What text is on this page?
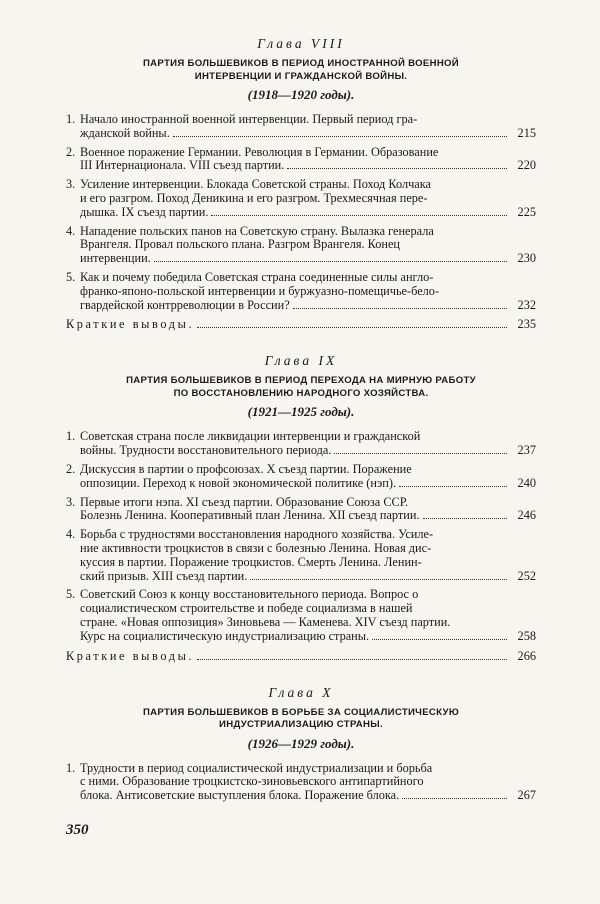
Глава VIII
ПАРТИЯ БОЛЬШЕВИКОВ В ПЕРИОД ИНОСТРАННОЙ ВОЕННОЙ
ИНТЕРВЕНЦИИ И ГРАЖДАНСКОЙ ВОЙНЫ.
(1918—1920 годы).
1. Начало иностранной военной интервенции. Первый период гра-
жданской войны.	215
2. Военное поражение Германии. Революция в Германии. Образование
III Интернационала. VIII съезд партии.	220
3. Усиление интервенции. Блокада Советской страны. Поход Колчака
и его разгром. Поход Деникина и его разгром. Трехмесячная пере-
дышка. IX съезд партии.	225
4. Нападение польских панов на Советскую страну. Вылазка генерала
Врангеля. Провал польского плана. Разгром Врангеля. Конец
интервенции.	230
5. Как и почему победила Советская страна соединенные силы англо-
франко-японо-польской интервенции и буржуазно-помещичье-бело-
гвардейской контрреволюции в России?	232
Краткие выводы.	235
Глава IX
ПАРТИЯ БОЛЬШЕВИКОВ В ПЕРИОД ПЕРЕХОДА НА МИРНУЮ РАБОТУ
ПО ВОССТАНОВЛЕНИЮ НАРОДНОГО ХОЗЯЙСТВА.
(1921—1925 годы).
1. Советская страна после ликвидации интервенции и гражданской
войны. Трудности восстановительного периода.	237
2. Дискуссия в партии о профсоюзах. X съезд партии. Поражение
оппозиции. Переход к новой экономической политике (нэп).	240
3. Первые итоги нэпа. XI съезд партии. Образование Союза ССР.
Болезнь Ленина. Кооперативный план Ленина. XII съезд партии.	246
4. Борьба с трудностями восстановления народного хозяйства. Усиле-
ние активности троцкистов в связи с болезнью Ленина. Новая дис-
куссия в партии. Поражение троцкистов. Смерть Ленина. Ленин-
ский призыв. XIII съезд партии.	252
5. Советский Союз к концу восстановительного периода. Вопрос о
социалистическом строительстве и победе социализма в нашей
стране. «Новая оппозиция» Зиновьева — Каменева. XIV съезд партии.
Курс на социалистическую индустриализацию страны.	258
Краткие выводы.	266
Глава X
ПАРТИЯ БОЛЬШЕВИКОВ В БОРЬБЕ ЗА СОЦИАЛИСТИЧЕСКУЮ
ИНДУСТРИАЛИЗАЦИЮ СТРАНЫ.
(1926—1929 годы).
1. Трудности в период социалистической индустриализации и борьба
с ними. Образование троцкистско-зиновьевского антипартийного
блока. Антисоветские выступления блока. Поражение блока.	267
350
